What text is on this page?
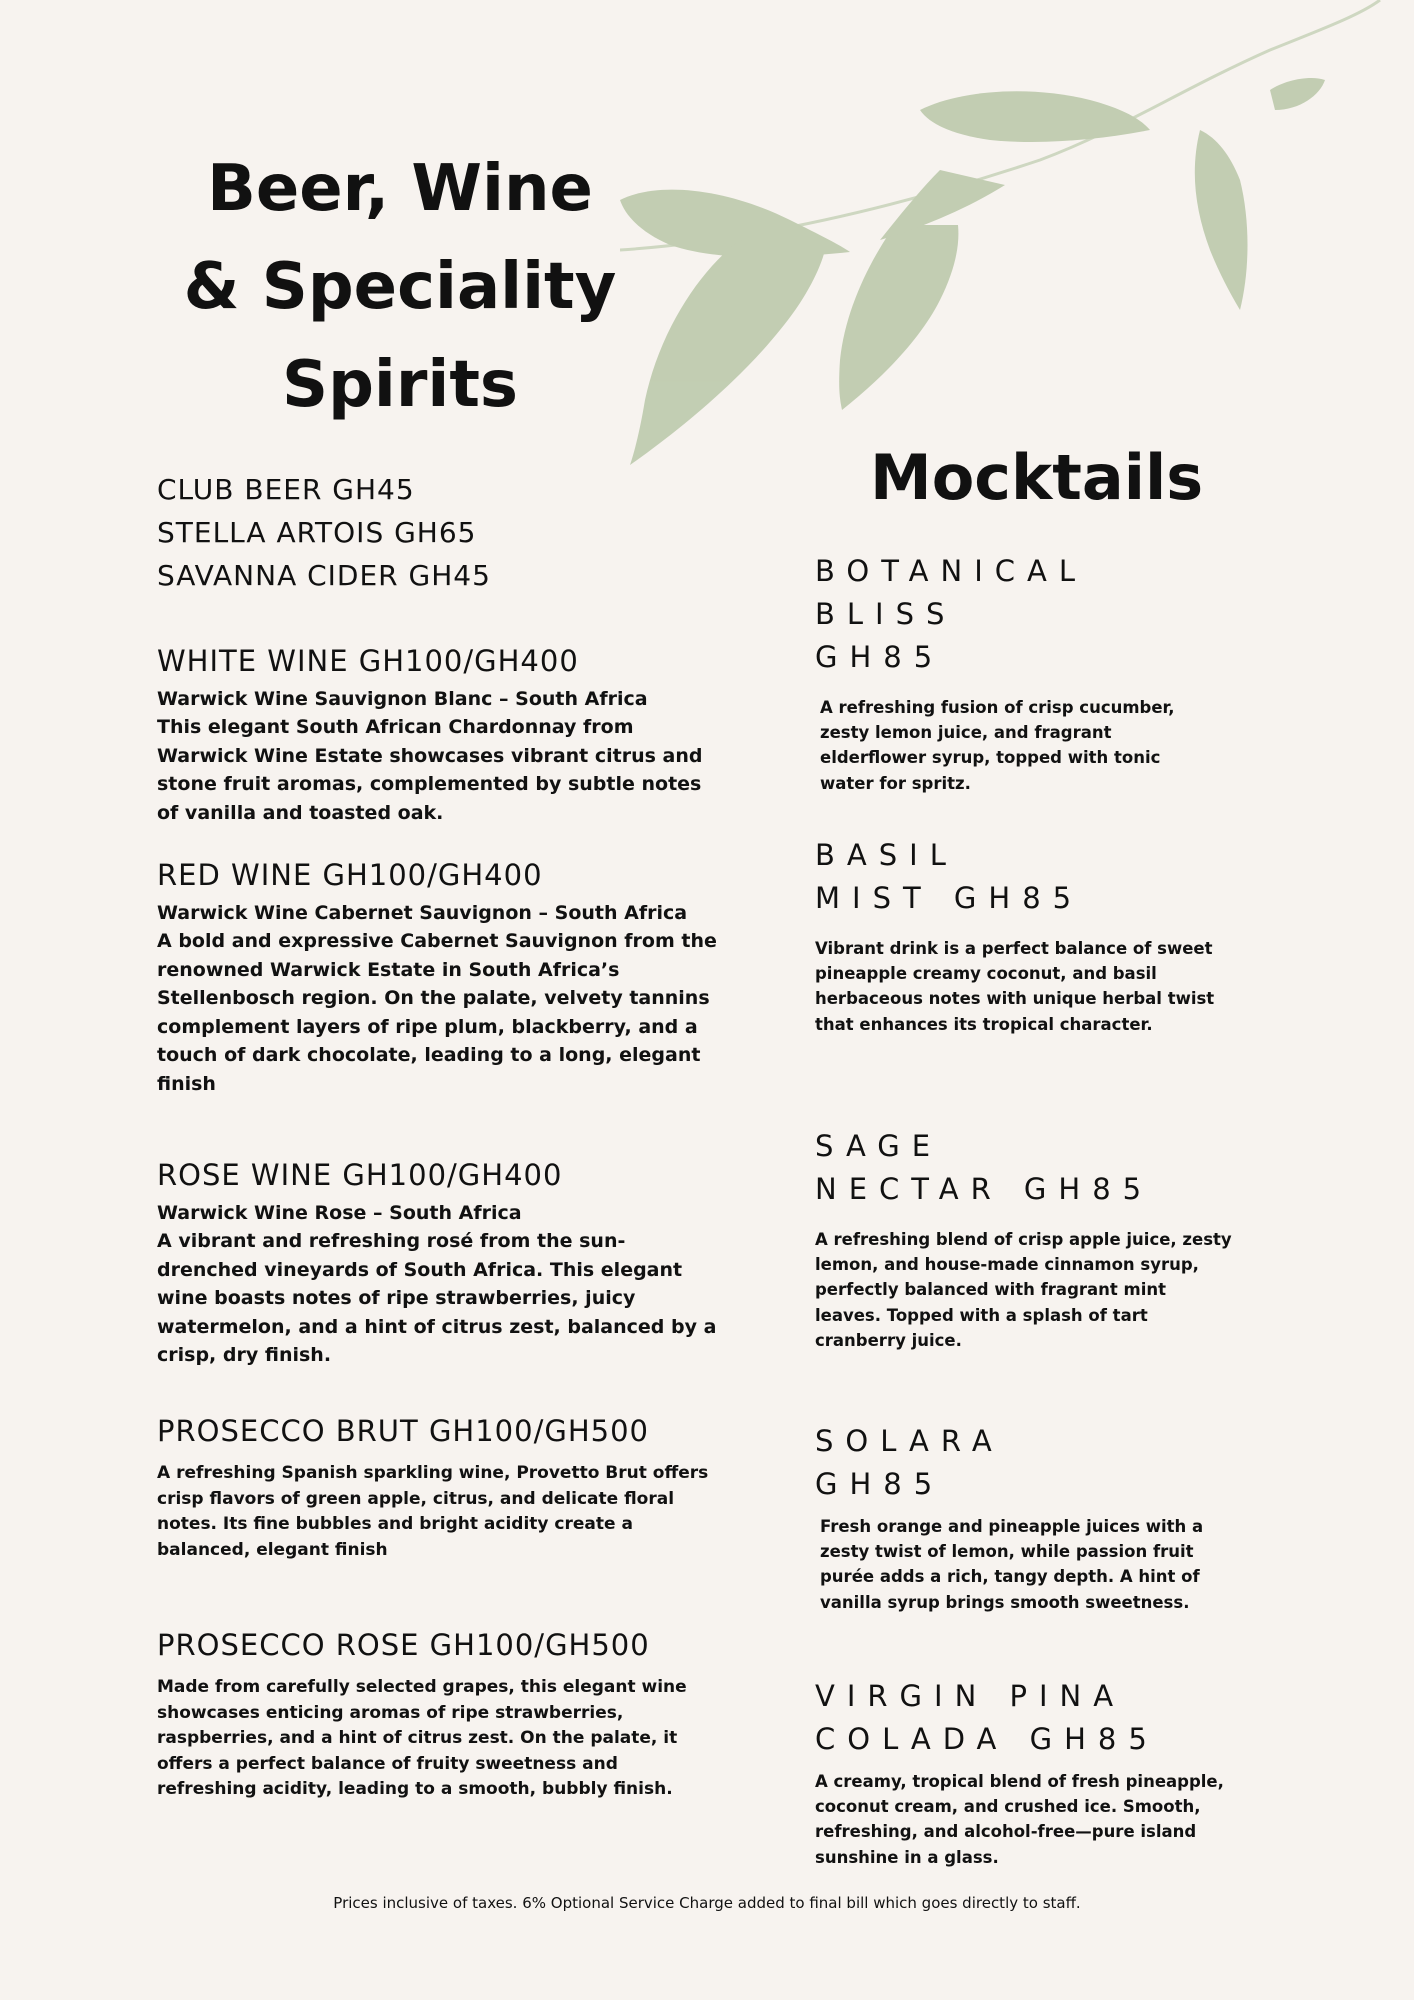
Beer, Wine
& Speciality
Spirits
Mocktails
CLUB BEER GH45
STELLA ARTOIS GH65
SAVANNA CIDER GH45
WHITE WINE GH100/GH400
Warwick Wine Sauvignon Blanc – South Africa

This elegant South African Chardonnay from Warwick Wine Estate showcases vibrant citrus and stone fruit aromas, complemented by subtle notes of vanilla and toasted oak.

RED WINE GH100/GH400
Warwick Wine Cabernet Sauvignon – South Africa

A bold and expressive Cabernet Sauvignon from the renowned Warwick Estate in South Africa’s Stellenbosch region. On the palate, velvety tannins complement layers of ripe plum, blackberry, and a touch of dark chocolate, leading to a long, elegant finish

ROSE WINE GH100/GH400
Warwick Wine Rose – South Africa

A vibrant and refreshing rosé from the sun-drenched vineyards of South Africa. This elegant wine boasts notes of ripe strawberries, juicy watermelon, and a hint of citrus zest, balanced by a crisp, dry finish.

PROSECCO BRUT GH100/GH500

A refreshing Spanish sparkling wine, Provetto Brut offers crisp flavors of green apple, citrus, and delicate floral notes. Its fine bubbles and bright acidity create a balanced, elegant finish

PROSECCO ROSE GH100/GH500

Made from carefully selected grapes, this elegant wine showcases enticing aromas of ripe strawberries, raspberries, and a hint of citrus zest. On the palate, it offers a perfect balance of fruity sweetness and refreshing acidity, leading to a smooth, bubbly finish.

BOTANICAL
BLISS
GH85

A refreshing fusion of crisp cucumber, zesty lemon juice, and fragrant elderflower syrup, topped with tonic water for spritz.

BASIL
MIST GH85

Vibrant drink is a perfect balance of sweet pineapple creamy coconut, and basil herbaceous notes with unique herbal twist that enhances its tropical character.

SAGE
NECTAR GH85

A refreshing blend of crisp apple juice, zesty lemon, and house-made cinnamon syrup, perfectly balanced with fragrant mint leaves. Topped with a splash of tart cranberry juice.

SOLARA
GH85

Fresh orange and pineapple juices with a zesty twist of lemon, while passion fruit purée adds a rich, tangy depth. A hint of vanilla syrup brings smooth sweetness.

VIRGIN PINA
COLADA GH85

A creamy, tropical blend of fresh pineapple, coconut cream, and crushed ice. Smooth, refreshing, and alcohol-free—pure island sunshine in a glass.

Prices inclusive of taxes. 6% Optional Service Charge added to final bill which goes directly to staff.
